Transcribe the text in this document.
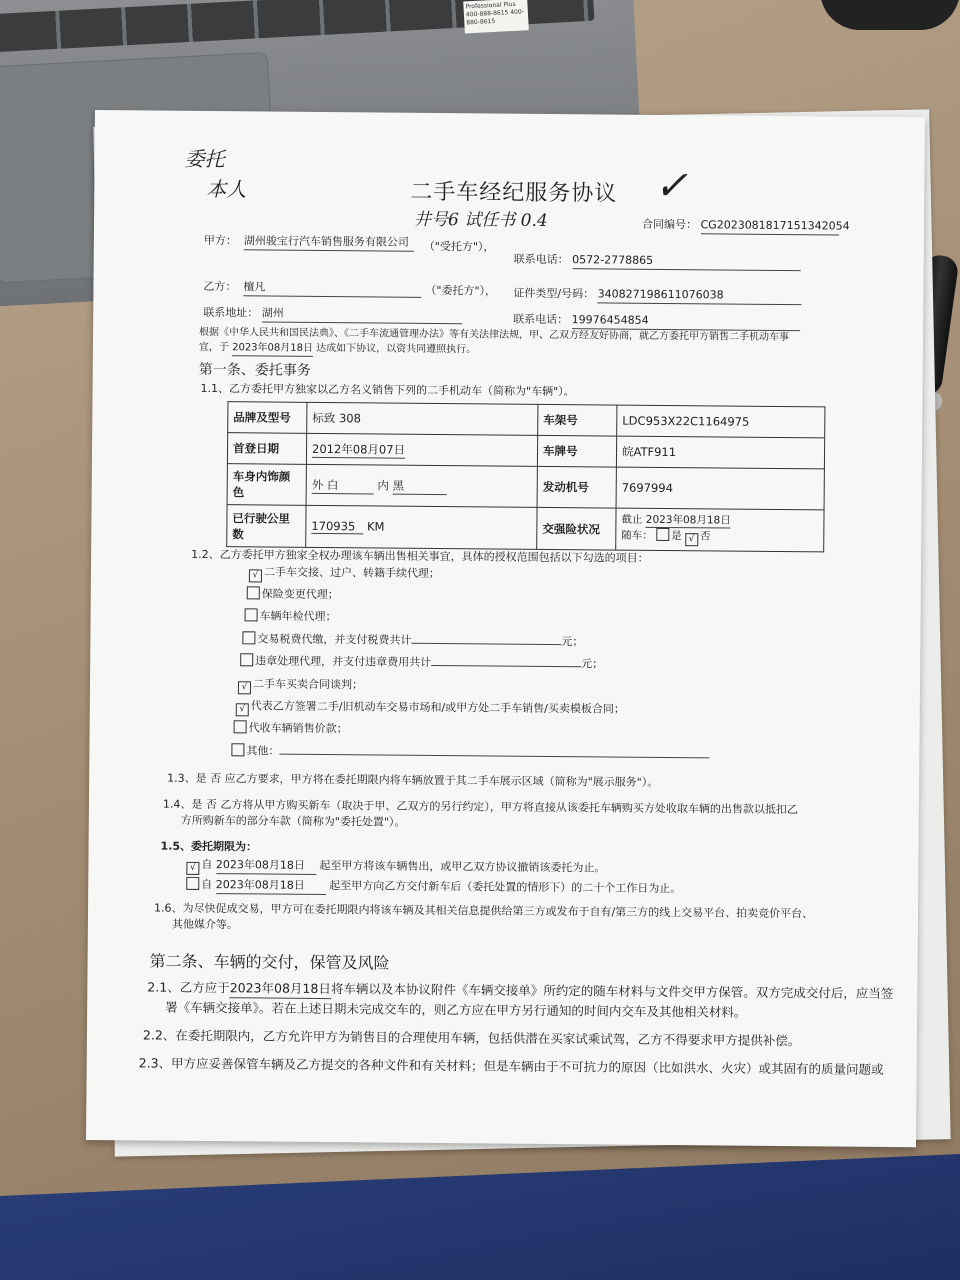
Professional Plus 400-888-8615 400-880-8615
委托
本人	二手车经纪服务协议 ✓
井号6 试任书 0.4	合同编号： CG2023081817151342054
甲方： 湖州骏宝行汽车销售服务有限公司	（"受托方"），
联系电话： 0572-2778865
乙方： 檀凡	（"委托方"）， 证件类型/号码： 340827198611076038
联系地址： 湖州	联系电话： 19976454854
根据《中华人民共和国民法典》、《二手车流通管理办法》等有关法律法规，甲、乙双方经友好协商，就乙方委托甲方销售二手机动车事
宜，于 2023年08月18日 达成如下协议，以资共同遵照执行。
第一条、委托事务
1.1、乙方委托甲方独家以乙方名义销售下列的二手机动车（简称为"车辆"）。
品牌及型号	标致 308	车架号	LDC953X22C1164975
首登日期	2012年08月07日	车牌号	皖ATF911
车身内饰颜色	外 白 内 黑	发动机号	7697994
已行驶公里数	170935 KM	交强险状况	截止 2023年08月18日
随车： 是 √ 否
1.2、乙方委托甲方独家全权办理该车辆出售相关事宜，具体的授权范围包括以下勾选的项目：
√ 二手车交接、过户、转籍手续代理；
保险变更代理；
车辆年检代理；
交易税费代缴，并支付税费共计	元；
违章处理代理，并支付违章费用共计	元；
√ 二手车买卖合同谈判；
√ 代表乙方签署二手/旧机动车交易市场和/或甲方处二手车销售/买卖模板合同；
代收车辆销售价款；
其他：
1.3、是 否 应乙方要求，甲方将在委托期限内将车辆放置于其二手车展示区域（简称为"展示服务"）。
1.4、是 否 乙方将从甲方购买新车（取决于甲、乙双方的另行约定），甲方将直接从该委托车辆购买方处收取车辆的出售款以抵扣乙
方所购新车的部分车款（简称为"委托处置"）。
1.5、委托期限为：
√ 自 2023年08月18日 起至甲方将该车辆售出，或甲乙双方协议撤销该委托为止。
自 2023年08月18日 起至甲方向乙方交付新车后（委托处置的情形下）的二十个工作日为止。
1.6、为尽快促成交易，甲方可在委托期限内将该车辆及其相关信息提供给第三方或发布于自有/第三方的线上交易平台、拍卖竞价平台、
其他媒介等。
第二条、车辆的交付，保管及风险
2.1、乙方应于2023年08月18日将车辆以及本协议附件《车辆交接单》所约定的随车材料与文件交甲方保管。双方完成交付后，应当签
署《车辆交接单》。若在上述日期未完成交车的，则乙方应在甲方另行通知的时间内交车及其他相关材料。
2.2、在委托期限内，乙方允许甲方为销售目的合理使用车辆，包括供潜在买家试乘试驾，乙方不得要求甲方提供补偿。
2.3、甲方应妥善保管车辆及乙方提交的各种文件和有关材料；但是车辆由于不可抗力的原因（比如洪水、火灾）或其固有的质量问题或
